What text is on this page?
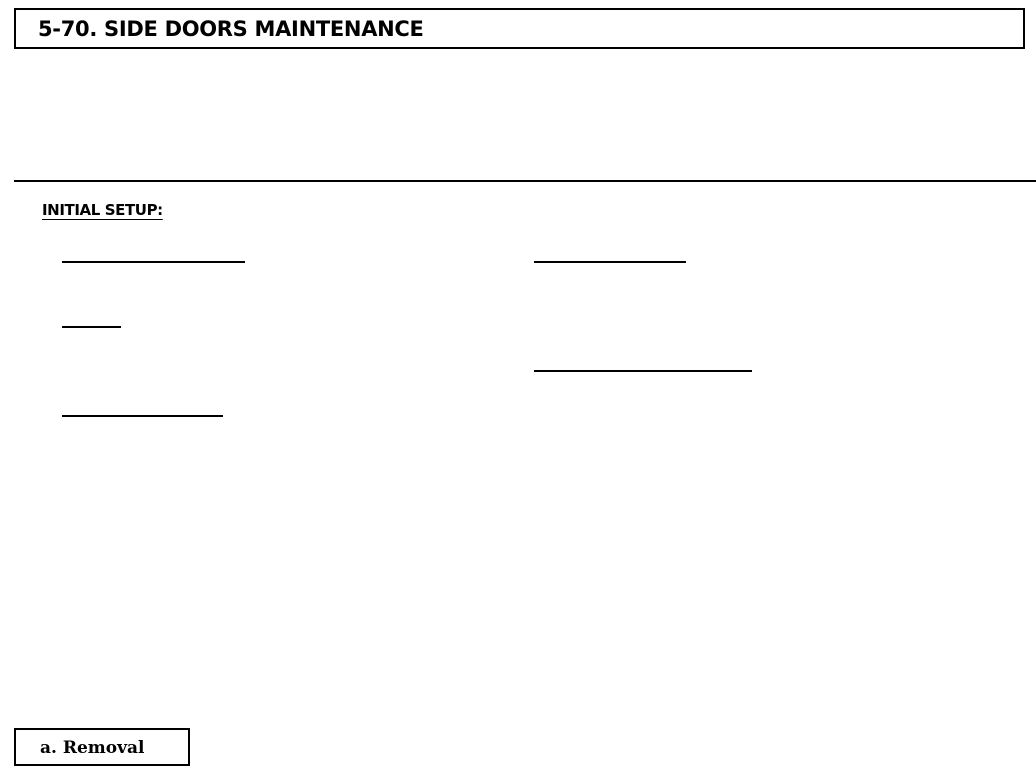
5-70. SIDE DOORS MAINTENANCE
INITIAL SETUP:
a. Removal
